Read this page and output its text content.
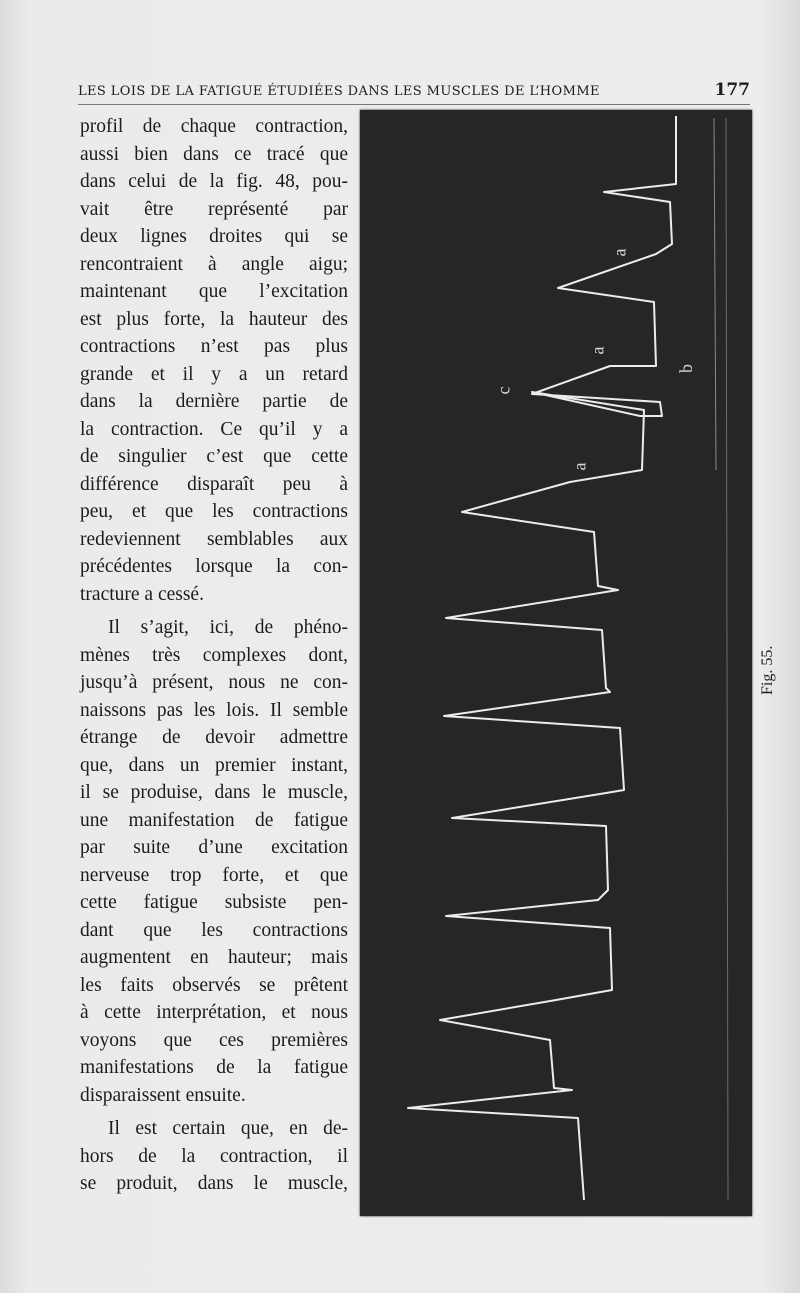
LES LOIS DE LA FATIGUE ÉTUDIÉES DANS LES MUSCLES DE L’HOMME	177
profil de chaque contraction,
aussi bien dans ce tracé que
dans celui de la fig. 48, pou-
vait être représenté par
deux lignes droites qui se
rencontraient à angle aigu;
maintenant que l’excitation
est plus forte, la hauteur des
contractions n’est pas plus
grande et il y a un retard
dans la dernière partie de
la contraction. Ce qu’il y a
de singulier c’est que cette
différence disparaît peu à
peu, et que les contractions
redeviennent semblables aux
précédentes lorsque la con-
tracture a cessé.
Il s’agit, ici, de phéno-
mènes très complexes dont,
jusqu’à présent, nous ne con-
naissons pas les lois. Il semble
étrange de devoir admettre
que, dans un premier instant,
il se produise, dans le muscle,
une manifestation de fatigue
par suite d’une excitation
nerveuse trop forte, et que
cette fatigue subsiste pen-
dant que les contractions
augmentent en hauteur; mais
les faits observés se prêtent
à cette interprétation, et nous
voyons que ces premières
manifestations de la fatigue
disparaissent ensuite.
Il est certain que, en de-
hors de la contraction, il
se produit, dans le muscle,
a
a
a
b
c
Fig. 55.
